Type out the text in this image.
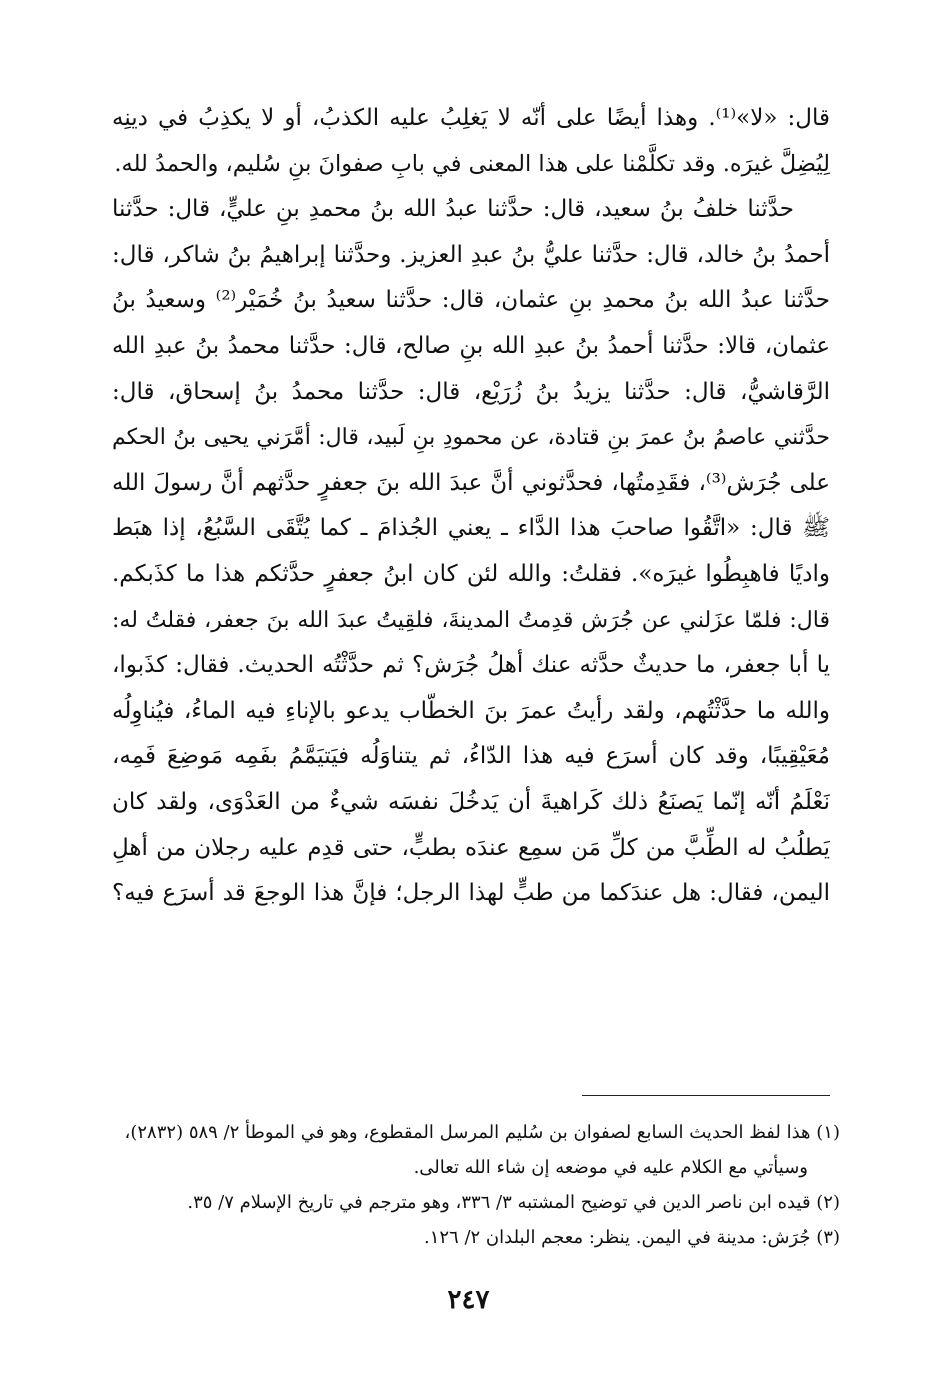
قال: «لا»⁽¹⁾. وهذا أيضًا على أنّه لا يَغلِبُ عليه الكذبُ، أو لا يكذِبُ في دينِه
لِيُضِلَّ غيرَه. وقد تكلَّمْنا على هذا المعنى في بابِ صفوانَ بنِ سُليم، والحمدُ لله.
حدَّثنا خلفُ بنُ سعيد، قال: حدَّثنا عبدُ الله بنُ محمدِ بنِ عليٍّ، قال: حدَّثنا
أحمدُ بنُ خالد، قال: حدَّثنا عليُّ بنُ عبدِ العزيز. وحدَّثنا إبراهيمُ بنُ شاكر، قال:
حدَّثنا عبدُ الله بنُ محمدِ بنِ عثمان، قال: حدَّثنا سعيدُ بنُ خُمَيْر⁽²⁾ وسعيدُ بنُ
عثمان، قالا: حدَّثنا أحمدُ بنُ عبدِ الله بنِ صالح، قال: حدَّثنا محمدُ بنُ عبدِ الله
الرَّقاشيُّ، قال: حدَّثنا يزيدُ بنُ زُرَيْع، قال: حدَّثنا محمدُ بنُ إسحاق، قال:
حدَّثني عاصمُ بنُ عمرَ بنِ قتادة، عن محمودِ بنِ لَبيد، قال: أمَّرَني يحيى بنُ الحكم
على جُرَش⁽³⁾، فقَدِمتُها، فحدَّثوني أنَّ عبدَ الله بنَ جعفرٍ حدَّثهم أنَّ رسولَ الله
ﷺ قال: «اتَّقُوا صاحبَ هذا الدَّاء ـ يعني الجُذامَ ـ كما يُتَّقَى السَّبُعُ، إذا هبَط
واديًا فاهبِطُوا غيرَه». فقلتُ: والله لئن كان ابنُ جعفرٍ حدَّثكم هذا ما كذَبكم.
قال: فلمّا عزَلني عن جُرَش قدِمتُ المدينةَ، فلقِيتُ عبدَ الله بنَ جعفر، فقلتُ له:
يا أبا جعفر، ما حديثٌ حدَّثه عنك أهلُ جُرَش؟ ثم حدَّثْتُه الحديث. فقال: كذَبوا،
والله ما حدَّثْتُهم، ولقد رأيتُ عمرَ بنَ الخطّاب يدعو بالإناءِ فيه الماءُ، فيُناوِلُه
مُعَيْقِيبًا، وقد كان أسرَع فيه هذا الدّاءُ، ثم يتناوَلُه فيَتيَمَّمُ بفَمِه مَوضِعَ فَمِه،
نَعْلَمُ أنّه إنّما يَصنَعُ ذلك كَراهيةَ أن يَدخُلَ نفسَه شيءٌ من العَدْوَى، ولقد كان
يَطلُبُ له الطِّبَّ من كلِّ مَن سمِع عندَه بطبٍّ، حتى قدِم عليه رجلان من أهلِ
اليمن، فقال: هل عندَكما من طبٍّ لهذا الرجل؛ فإنَّ هذا الوجعَ قد أسرَع فيه؟
(١) هذا لفظ الحديث السابع لصفوان بن سُليم المرسل المقطوع، وهو في الموطأ ٢/ ٥٨٩ (٢٨٣٢)،
وسيأتي مع الكلام عليه في موضعه إن شاء الله تعالى.
(٢) قيده ابن ناصر الدين في توضيح المشتبه ٣/ ٣٣٦، وهو مترجم في تاريخ الإسلام ٧/ ٣٥.
(٣) جُرَش: مدينة في اليمن. ينظر: معجم البلدان ٢/ ١٢٦.
٢٤٧
